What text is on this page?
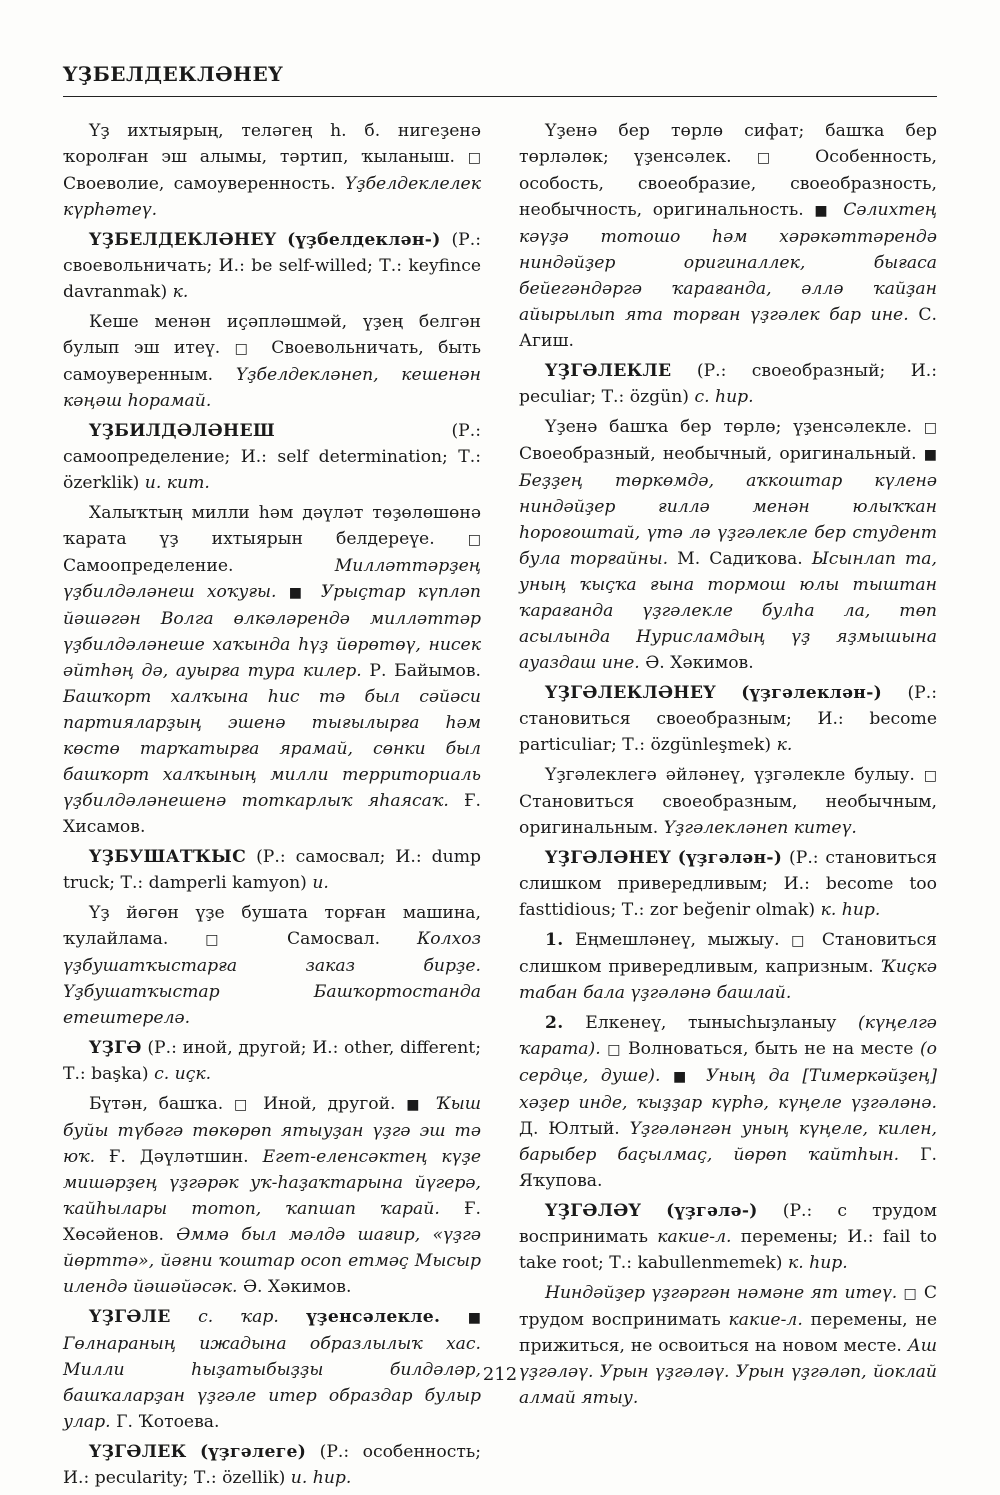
ҮҘБЕЛДЕКЛӘНЕҮ

Үҙ ихтыярың, теләгең һ. б. нигеҙенә ҡоролған эш алымы, тәртип, ҡыланыш. □ Своеволие, самоуверенность. Үҙбелдеклелек күрһәтеү.

ҮҘБЕЛДЕКЛӘНЕҮ (үҙбелдеклән-) (Р.: своевольничать; И.: be self-willed; Т.: keyfince davranmak) к.

Кеше менән иҫәпләшмәй, үҙең белгән булып эш итеү. □ Своевольничать, быть самоуверенным. Үҙбелдекләнеп, кешенән кәңәш һорамай.

ҮҘБИЛДӘЛӘНЕШ	(Р.: самоопределение; И.: self determination; Т.: özerklik) и. кит.

Халыҡтың милли һәм дәүләт төҙөлөшөнә ҡарата үҙ ихтыярын белдереүе. □ Самоопределение.	Милләттәрҙең үҙбилдәләнеш хоҡуғы. ■ Урыҫтар күпләп йәшәгән Волга өлкәләрендә милләттәр үҙбилдәләнеше хаҡында һүҙ йөрөтөү, нисек әйтһәң дә, ауырға тура килер. Р. Байымов. Башҡорт халҡына һис тә был сәйәси партияларҙың эшенә тығылырға һәм көстө тарҡатырға ярамай, сөнки был башҡорт халҡының милли территориаль үҙбилдәләнешенә тоткарлыҡ яһаясаҡ. Ғ. Хисамов.

ҮҘБУШАТҠЫС (Р.: самосвал; И.: dump truck; Т.: damperli kamyon) и.

Үҙ йөгөн үҙе бушата торған машина, ҡулайлама.	□ Самосвал. Колхоз үҙбушатҡыстарға заказ бирҙе. Үҙбушатҡыстар Башҡортостанда етештерелә.

ҮҘГӘ (Р.: иной, другой; И.: other, different; Т.: başka) с. иҫк.

Бүтән, башҡа. □ Иной, другой. ■ Ҡыш буйы түбәгә төкөрөп ятыуҙан үҙгә эш тә юҡ. Ғ. Дәүләтшин. Егет-еленсәктең күҙе мишәрҙең үҙгәрәк уҡ-һаҙаҡтарына йүгерә, ҡайһылары тотоп, ҡапшап ҡарай. Ғ. Хөсәйенов. Әммә был мәлдә шағир, «үҙгә йөрттә», йәғни ҡоштар осоп етмәҫ Мысыр илендә йәшәйәсәк. Ә. Хәкимов.

ҮҘГӘЛЕ с. ҡар. үҙенсәлекле. ■ Гөлнараның ижадына образлылыҡ хас. Милли һыҙатыбыҙҙы билдәләр, башҡаларҙан үҙгәле итер образдар булыр улар. Г. Ҡотоева.

ҮҘГӘЛЕК (үҙгәлеге) (Р.: особенность; И.: pecularity; Т.: özellik) и. һир.

Үҙенә бер төрлө сифат; башҡа бер төрләлөк; үҙенсәлек. □ Особенность, особость, своеобразие, своеобразность, необычность, оригинальность. ■ Сәлихтең кәүҙә тотошо һәм хәрәкәттәрендә ниндәйҙер оригиналлек, бығаса бейегәндәргә ҡарағанда, әллә ҡайҙан айырылып ята торған үҙгәлек бар ине. С. Агиш.

ҮҘГӘЛЕКЛЕ (Р.: своеобразный; И.: peculiar; Т.: özgün) с. һир.

Үҙенә башҡа бер төрлө; үҙенсәлекле. □ Своеобразный, необычный, оригинальный. ■ Беҙҙең төркөмдә, аҡкоштар күленә ниндәйҙер ғиллә менән юлыҡҡан һороғоштай, үтә лә үҙгәлекле бер студент була торғайны. М. Садиҡова. Ысынлап та, уның ҡыҫҡа ғына тормош юлы тыштан ҡарағанда үҙгәлекле булһа ла, төп асылында Нурисламдың үҙ яҙмышына ауаздаш ине. Ә. Хәкимов.

ҮҘГӘЛЕКЛӘНЕҮ (үҙгәлеклән-) (Р.: становиться своеобразным; И.: become particuliar; Т.: özgünleşmek) к.

Үҙгәлеклегә әйләнеү, үҙгәлекле булыу. □ Становиться своеобразным, необычным, оригинальным. Үҙгәлекләнеп китеү.

ҮҘГӘЛӘНЕҮ (үҙгәлән-) (Р.: становиться слишком привередливым; И.: become too fasttidious; Т.: zor beğenir olmak) к. һир.

1. Еңмешләнеү, мыжыу. □ Становиться слишком привередливым, капризным. Ҡиҫкә табан бала үҙгәләнә башлай.

2. Елкенеү, тынысһыҙланыу (күңелгә ҡарата). □ Волноваться, быть не на месте (о сердце, душе). ■ Уның да [Тимеркәйҙең] хәҙер инде, ҡыҙҙар күрһә, күңеле үҙгәләнә. Д. Юлтый. Үҙгәләнгән уның күңеле, килен, барыбер баҫылмаҫ, йөрөп ҡайтһын. Г. Яҡупова.

ҮҘГӘЛӘҮ (үҙгәлә-) (Р.: с трудом воспринимать какие-л. перемены; И.: fail to take root; Т.: kabullenmemek) к. һир.

Ниндәйҙер үҙгәргән нәмәне ят итеү. □ С трудом воспринимать какие-л. перемены, не прижиться, не освоиться на новом месте. Аш үҙгәләү. Урын үҙгәләү. Урын үҙгәләп, йоклай алмай ятыу.

212
